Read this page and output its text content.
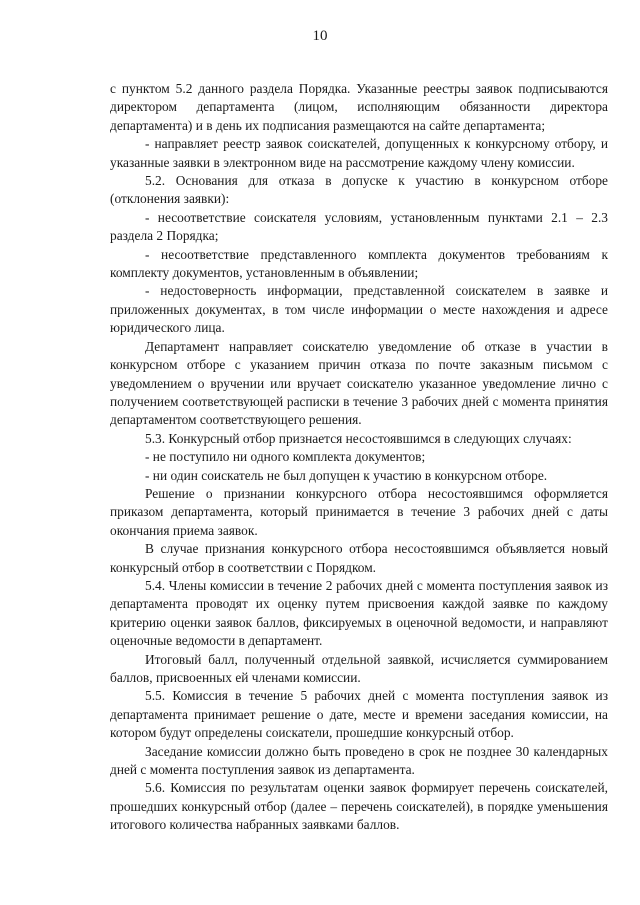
10

с пунктом 5.2 данного раздела Порядка. Указанные реестры заявок подписываются директором департамента (лицом, исполняющим обязанности директора департамента) и в день их подписания размещаются на сайте департамента;

- направляет реестр заявок соискателей, допущенных к конкурсному отбору, и указанные заявки в электронном виде на рассмотрение каждому члену комиссии.

5.2. Основания для отказа в допуске к участию в конкурсном отборе (отклонения заявки):

- несоответствие соискателя условиям, установленным пунктами 2.1 – 2.3 раздела 2 Порядка;

- несоответствие представленного комплекта документов требованиям к комплекту документов, установленным в объявлении;

- недостоверность информации, представленной соискателем в заявке и приложенных документах, в том числе информации о месте нахождения и адресе юридического лица.

Департамент направляет соискателю уведомление об отказе в участии в конкурсном отборе с указанием причин отказа по почте заказным письмом с уведомлением о вручении или вручает соискателю указанное уведомление лично с получением соответствующей расписки в течение 3 рабочих дней с момента принятия департаментом соответствующего решения.

5.3. Конкурсный отбор признается несостоявшимся в следующих случаях:

- не поступило ни одного комплекта документов;

- ни один соискатель не был допущен к участию в конкурсном отборе.

Решение о признании конкурсного отбора несостоявшимся оформляется приказом департамента, который принимается в течение 3 рабочих дней с даты окончания приема заявок.

В случае признания конкурсного отбора несостоявшимся объявляется новый конкурсный отбор в соответствии с Порядком.

5.4. Члены комиссии в течение 2 рабочих дней с момента поступления заявок из департамента проводят их оценку путем присвоения каждой заявке по каждому критерию оценки заявок баллов, фиксируемых в оценочной ведомости, и направляют оценочные ведомости в департамент.

Итоговый балл, полученный отдельной заявкой, исчисляется суммированием баллов, присвоенных ей членами комиссии.

5.5. Комиссия в течение 5 рабочих дней с момента поступления заявок из департамента принимает решение о дате, месте и времени заседания комиссии, на котором будут определены соискатели, прошедшие конкурсный отбор.

Заседание комиссии должно быть проведено в срок не позднее 30 календарных дней с момента поступления заявок из департамента.

5.6. Комиссия по результатам оценки заявок формирует перечень соискателей, прошедших конкурсный отбор (далее – перечень соискателей), в порядке уменьшения итогового количества набранных заявками баллов.
